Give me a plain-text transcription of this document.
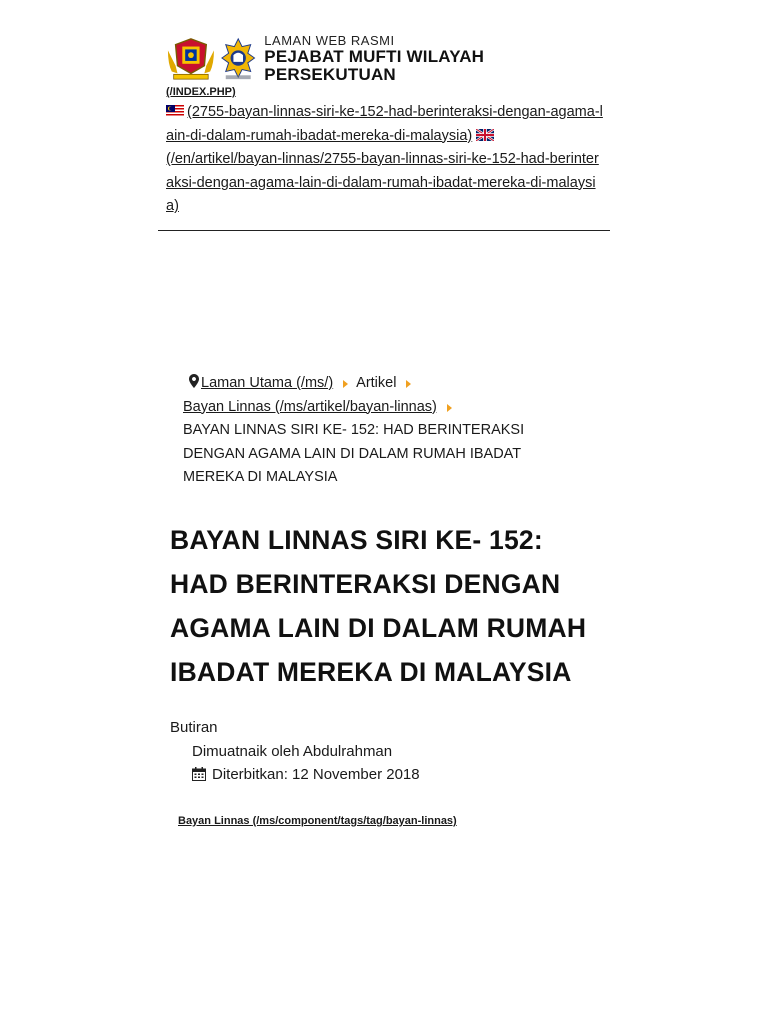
LAMAN WEB RASMI
PEJABAT MUFTI WILAYAH PERSEKUTUAN
(/INDEX.PHP)
(2755-bayan-linnas-siri-ke-152-had-berinteraksi-dengan-agama-lain-di-dalam-rumah-ibadat-mereka-di-malaysia)
(/en/artikel/bayan-linnas/2755-bayan-linnas-siri-ke-152-had-berinteraksi-dengan-agama-lain-di-dalam-rumah-ibadat-mereka-di-malaysia)
Laman Utama (/ms/) Artikel
Bayan Linnas (/ms/artikel/bayan-linnas)
BAYAN LINNAS SIRI KE- 152: HAD BERINTERAKSI DENGAN AGAMA LAIN DI DALAM RUMAH IBADAT MEREKA DI MALAYSIA
BAYAN LINNAS SIRI KE- 152: HAD BERINTERAKSI DENGAN AGAMA LAIN DI DALAM RUMAH IBADAT MEREKA DI MALAYSIA
Butiran
Dimuatnaik oleh Abdulrahman
Diterbitkan: 12 November 2018
Bayan Linnas (/ms/component/tags/tag/bayan-linnas)
